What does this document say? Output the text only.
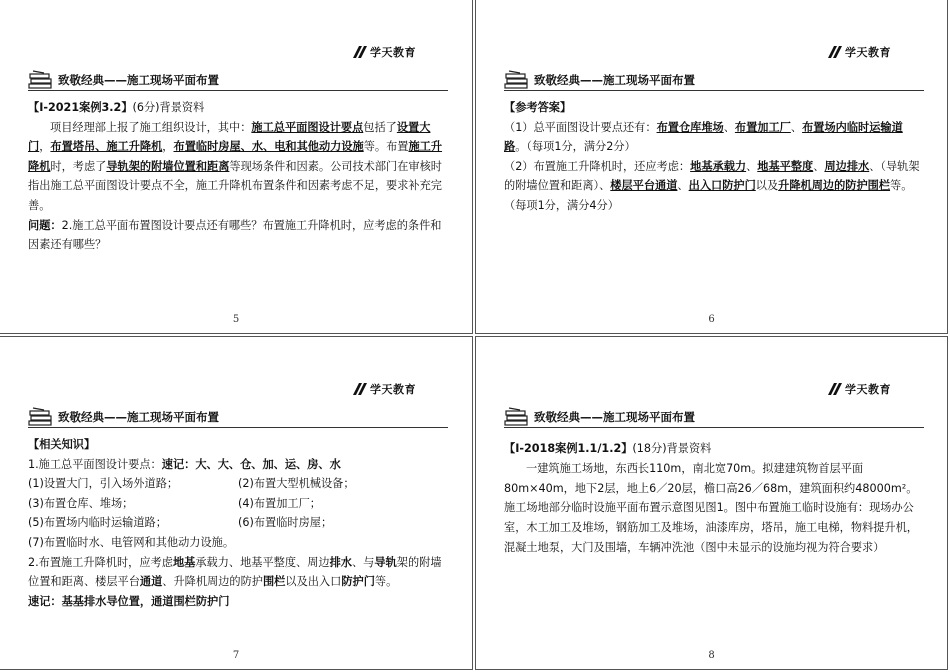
学天教育
致敬经典——施工现场平面布置

【Ⅰ-2021案例3.2】(6分)背景资料

项目经理部上报了施工组织设计，其中：施工总平面图设计要点包括了设置大门，布置塔吊、施工升降机，布置临时房屋、水、电和其他动力设施等。布置施工升降机时，考虑了导轨架的附墙位置和距离等现场条件和因素。公司技术部门在审核时指出施工总平面图设计要点不全，施工升降机布置条件和因素考虑不足，要求补充完善。

问题：2.施工总平面布置图设计要点还有哪些？布置施工升降机时，应考虑的条件和因素还有哪些？

5
学天教育
致敬经典——施工现场平面布置

【参考答案】

（1）总平面图设计要点还有：布置仓库堆场、布置加工厂、布置场内临时运输道路。（每项1分，满分2分）

（2）布置施工升降机时，还应考虑：地基承载力、地基平整度、周边排水、（导轨架的附墙位置和距离）、楼层平台通道、出入口防护门以及升降机周边的防护围栏等。（每项1分，满分4分）

6
学天教育
致敬经典——施工现场平面布置

【相关知识】

1.施工总平面图设计要点：速记：大、大、仓、加、运、房、水

(1)设置大门，引入场外道路；	(2)布置大型机械设备；
(3)布置仓库、堆场；	(4)布置加工厂；
(5)布置场内临时运输道路；	(6)布置临时房屋；

(7)布置临时水、电管网和其他动力设施。

2.布置施工升降机时，应考虑地基承载力、地基平整度、周边排水、与导轨架的附墙位置和距离、楼层平台通道、升降机周边的防护围栏以及出入口防护门等。

速记：基基排水导位置，通道围栏防护门

7
学天教育
致敬经典——施工现场平面布置

【Ⅰ-2018案例1.1/1.2】(18分)背景资料

一建筑施工场地，东西长110m，南北宽70m。拟建建筑物首层平面80m×40m，地下2层，地上6／20层，檐口高26／68m，建筑面积约48000m²。施工场地部分临时设施平面布置示意图见图1。图中布置施工临时设施有：现场办公室，木工加工及堆场，钢筋加工及堆场，油漆库房，塔吊，施工电梯，物料提升机，混凝土地泵，大门及围墙，车辆冲洗池（图中未显示的设施均视为符合要求）

8
